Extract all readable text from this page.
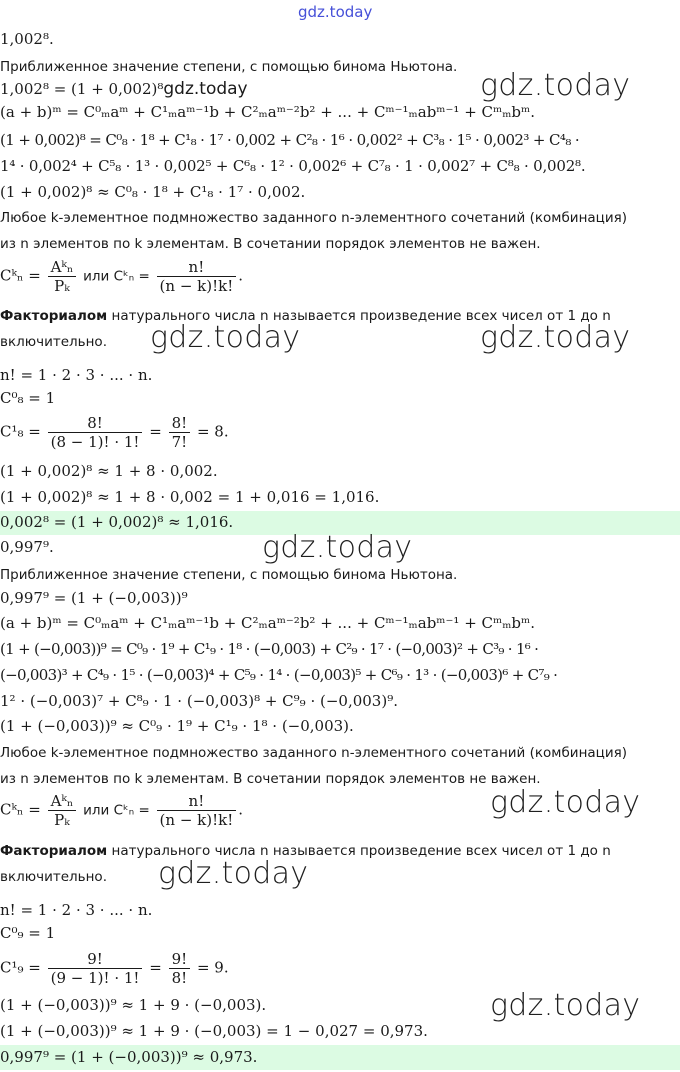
gdz.today
1,002⁸.
Приближенное значение степени, с помощью бинома Ньютона.
1,002⁸ = (1 + 0,002)⁸gdz.today	gdz.today
(a + b)ᵐ = C⁰ₘaᵐ + C¹ₘaᵐ⁻¹b + C²ₘaᵐ⁻²b² + ... + Cᵐ⁻¹ₘabᵐ⁻¹ + Cᵐₘbᵐ.
(1 + 0,002)⁸ = C⁰₈ · 1⁸ + C¹₈ · 1⁷ · 0,002 + C²₈ · 1⁶ · 0,002² + C³₈ · 1⁵ · 0,002³ + C⁴₈ ·
1⁴ · 0,002⁴ + C⁵₈ · 1³ · 0,002⁵ + C⁶₈ · 1² · 0,002⁶ + C⁷₈ · 1 · 0,002⁷ + C⁸₈ · 0,002⁸.
(1 + 0,002)⁸ ≈ C⁰₈ · 1⁸ + C¹₈ · 1⁷ · 0,002.
Любое k-элементное подмножество заданного n-элементного сочетаний (комбинация)
из n элементов по k элементам. В сочетании порядок элементов не важен.
Cᵏₙ = $\frac{\text{Aᵏₙ}}{\text{Pₖ}}$ или Cᵏₙ = $\frac{n!}{(n - k)!k!}$ .
Факториалом натурального числа n называется произведение всех чисел от 1 до n
включительно. gdz.today	gdz.today
n! = 1 · 2 · 3 · ... · n.
C⁰₈ = 1
$C^1_8 = \frac{8!}{(8 - 1)! \cdot 1!} = \frac{8!}{7!} = 8$.
(1 + 0,002)⁸ ≈ 1 + 8 · 0,002.
(1 + 0,002)⁸ ≈ 1 + 8 · 0,002 = 1 + 0,016 = 1,016.
0,002⁸ = (1 + 0,002)⁸ ≈ 1,016.
0,997⁹.	gdz.today
Приближенное значение степени, с помощью бинома Ньютона.
0,997⁹ = (1 + (−0,003))⁹
(a + b)ᵐ = C⁰ₘaᵐ + C¹ₘaᵐ⁻¹b + C²ₘaᵐ⁻²b² + ... + Cᵐ⁻¹ₘabᵐ⁻¹ + Cᵐₘbᵐ.
(1 + (−0,003))⁹ = C⁰₉ · 1⁹ + C¹₉ · 1⁸ · (−0,003) + C²₉ · 1⁷ · (−0,003)² + C³₉ · 1⁶ ·
(−0,003)³ + C⁴₉ · 1⁵ · (−0,003)⁴ + C⁵₉ · 1⁴ · (−0,003)⁵ + C⁶₉ · 1³ · (−0,003)⁶ + C⁷₉ ·
1² · (−0,003)⁷ + C⁸₉ · 1 · (−0,003)⁸ + C⁹₉ · (−0,003)⁹.
(1 + (−0,003))⁹ ≈ C⁰₉ · 1⁹ + C¹₉ · 1⁸ · (−0,003).
Любое k-элементное подмножество заданного n-элементного сочетаний (комбинация)
из n элементов по k элементам. В сочетании порядок элементов не важен.
gdz.today
Cᵏₙ = $\frac{\text{Aᵏₙ}}{\text{Pₖ}}$ или Cᵏₙ = $\frac{n!}{(n - k)!k!}$ .
Факториалом натурального числа n называется произведение всех чисел от 1 до n
включительно. gdz.today
n! = 1 · 2 · 3 · ... · n.
C⁰₉ = 1
$C^1_9 = \frac{9!}{(9 - 1)! \cdot 1!} = \frac{9!}{8!} = 9$.
gdz.today
(1 + (−0,003))⁹ ≈ 1 + 9 · (−0,003).
(1 + (−0,003))⁹ ≈ 1 + 9 · (−0,003) = 1 − 0,027 = 0,973.
0,997⁹ = (1 + (−0,003))⁹ ≈ 0,973.
